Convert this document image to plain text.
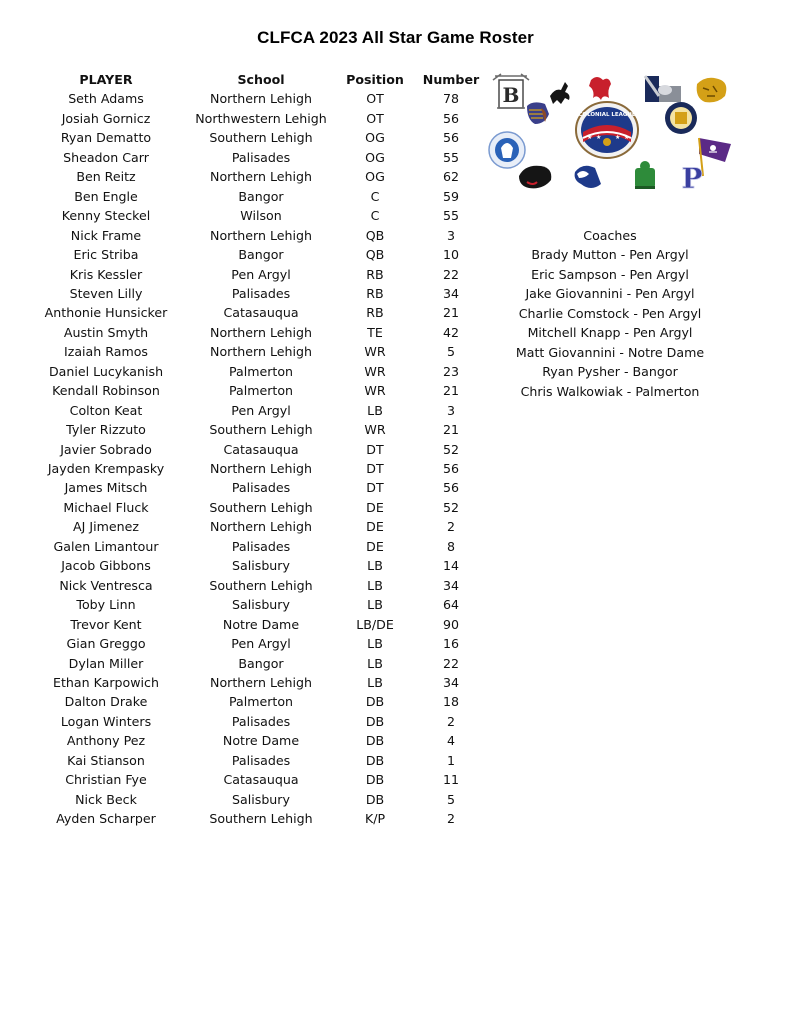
CLFCA 2023 All Star Game Roster
PLAYER	School	Position Number
Seth Adams	Northern Lehigh	OT	78
Josiah Gornicz	Northwestern Lehigh	OT	56
Ryan Dematto	Southern Lehigh	OG	56
Sheadon Carr	Palisades	OG	55
Ben Reitz	Northern Lehigh	OG	62
Ben Engle	Bangor	C	59
Kenny Steckel	Wilson	C	55
Nick Frame	Northern Lehigh	QB	3
Eric Striba	Bangor	QB	10
Kris Kessler	Pen Argyl	RB	22
Steven Lilly	Palisades	RB	34
Anthonie Hunsicker	Catasauqua	RB	21
Austin Smyth	Northern Lehigh	TE	42
Izaiah Ramos	Northern Lehigh	WR	5
Daniel Lucykanish	Palmerton	WR	23
Kendall Robinson	Palmerton	WR	21
Colton Keat	Pen Argyl	LB	3
Tyler Rizzuto	Southern Lehigh	WR	21
Javier Sobrado	Catasauqua	DT	52
Jayden Krempasky	Northern Lehigh	DT	56
James Mitsch	Palisades	DT	56
Michael Fluck	Southern Lehigh	DE	52
AJ Jimenez	Northern Lehigh	DE	2
Galen Limantour	Palisades	DE	8
Jacob Gibbons	Salisbury	LB	14
Nick Ventresca	Southern Lehigh	LB	34
Toby Linn	Salisbury	LB	64
Trevor Kent	Notre Dame	LB/DE	90
Gian Greggo	Pen Argyl	LB	16
Dylan Miller	Bangor	LB	22
Ethan Karpowich	Northern Lehigh	LB	34
Dalton Drake	Palmerton	DB	18
Logan Winters	Palisades	DB	2
Anthony Pez	Notre Dame	DB	4
Kai Stianson	Palisades	DB	1
Christian Fye	Catasauqua	DB	11
Nick Beck	Salisbury	DB	5
Ayden Scharper	Southern Lehigh	K/P	2
B
★ ★ ★ ★
COLONIAL LEAGUE
P
Coaches
Brady Mutton - Pen Argyl
Eric Sampson - Pen Argyl
Jake Giovannini - Pen Argyl
Charlie Comstock - Pen Argyl
Mitchell Knapp - Pen Argyl
Matt Giovannini - Notre Dame
Ryan Pysher - Bangor
Chris Walkowiak - Palmerton
